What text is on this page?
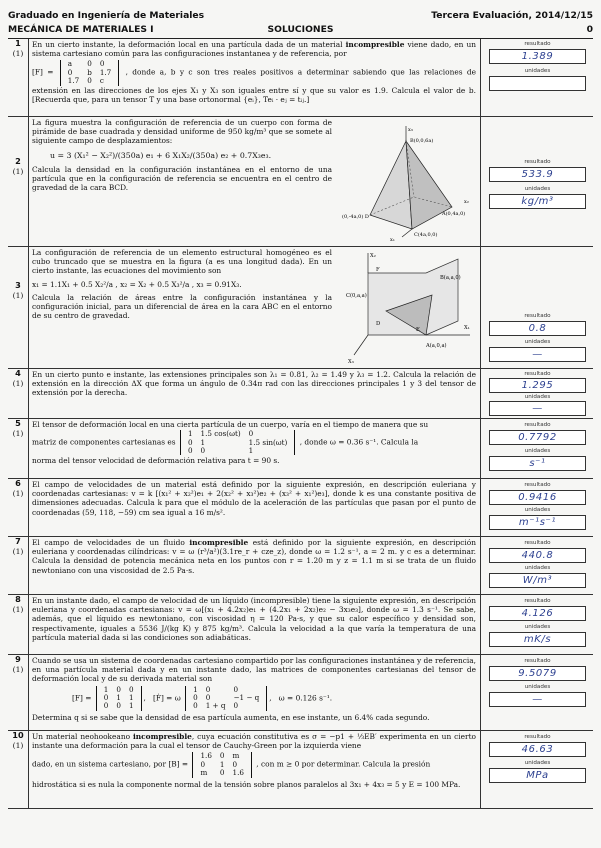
Graduado en Ingeniería de Materiales	Tercera Evaluación, 2014/12/15
MECÁNICA DE MATERIALES I	SOLUCIONES	0
1
(1)
En un cierto instante, la deformación local en una partícula dada de un material incompresible viene dado, en un sistema cartesiano común para las configuraciones instantanea y de referencia, por

[F] =
a	0	0
0	b	1.7
1.7	0	c
, donde a, b y c son tres reales positivos a determinar sabiendo que las relaciones de extensión en las direcciones de los ejes X₁ y X₃ son iguales entre sí y que su valor es 1.9. Calcula el valor de b. [Recuerda que, para un tensor T y una base ortonormal {eᵢ}, Teᵢ · eⱼ = tᵢⱼ.]
resultado
1.389
unidades
2
(1)
La figura muestra la configuración de referencia de un cuerpo con forma de pirámide de base cuadrada y densidad uniforme de 950 kg/m³ que se somete al siguiente campo de desplazamientos:
u = 3 (X₁² − X₂²)/(350a) e₁ + 6 X₁X₂/(350a) e₂ + 0.7X₃e₃.
Calcula la densidad en la configuración instantánea en el entorno de una partícula que en la configuración de referencia se encuentra en el centro de gravedad de la cara BCD.
x₃
B(0,0,6a)
(0,-4a,0) D	A(0,4a,0)
C(4a,0,0)
x₂
x₁
resultado
533.9
unidades
kg/m³
3
(1)
La configuración de referencia de un elemento estructural homogéneo es el cubo truncado que se muestra en la figura (a es una longitud dada). En un cierto instante, las ecuaciones del movimiento son
x₁ = 1.1X₁ + 0.5 X₂²/a , x₂ = X₂ + 0.5 X₃²/a , x₃ = 0.91X₃.
Calcula la relación de áreas entre la configuración instantánea y la configuración inicial, para un diferencial de área en la cara ABC en el entorno de su centro de gravedad.
X₂
F
B(a,a,0)
C(0,a,a)
D
E	X₁
A(a,0,a)
X₃
resultado
0.8
unidades
—
4
(1)
En un cierto punto e instante, las extensiones principales son λ₁ = 0.81, λ₂ = 1.49 y λ₃ = 1.2. Calcula la relación de extensión en la dirección ΔX que forma un ángulo de 0.34π rad con las direcciones principales 1 y 3 del tensor de extensión por la derecha.
resultado
1.295
unidades
—
5
(1)
El tensor de deformación local en una cierta partícula de un cuerpo, varía en el tiempo de manera que su
matriz de componentes cartesianas es
1	1.5 cos(ωt)	0
0	1	1.5 sin(ωt)
0	0	1
, donde ω = 0.36 s⁻¹. Calcula la
norma del tensor velocidad de deformación relativa para t = 90 s.
resultado
0.7792
unidades
s⁻¹
6
(1)
El campo de velocidades de un material está definido por la siguiente expresión, en descripción euleriana y coordenadas cartesianas: v = k [(x₁² + x₂²)e₁ + 2(x₂² + x₃²)e₂ + (x₃² + x₁²)e₃], donde k es una constante positiva de dimensiones adecuadas. Calcula k para que el módulo de la aceleración de las partículas que pasan por el punto de coordenadas (59, 118, −59) cm sea igual a 16 m/s².
resultado
0.9416
unidades
m⁻¹s⁻¹
7
(1)
El campo de velocidades de un fluido incompresible está definido por la siguiente expresión, en descripción euleriana y coordenadas cilíndricas: v = ω (r³/a²)(3.1re_r + cze_z), donde ω = 1.2 s⁻¹, a = 2 m. y c es a determinar. Calcula la densidad de potencia mecánica neta en los puntos con r = 1.20 m y z = 1.1 m si se trata de un fluido newtoniano con una viscosidad de 2.5 Pa·s.
resultado
440.8
unidades
W/m³
8
(1)
En un instante dado, el campo de velocidad de un líquido (incompresible) tiene la siguiente expresión, en descripción euleriana y coordenadas cartesianas: v = ω[(x₁ + 4.2x₂)e₁ + (4.2x₁ + 2x₂)e₂ − 3x₃e₃], donde ω = 1.3 s⁻¹. Se sabe, además, que el líquido es newtoniano, con viscosidad η = 120 Pa·s, y que su calor específico y densidad son, respectivamente, iguales a 5536 J/(kg K) y 875 kg/m³. Calcula la velocidad a la que varía la temperatura de una partícula material dada si las condiciones son adiabáticas.
resultado
4.126
unidades
mK/s
9
(1)
Cuando se usa un sistema de coordenadas cartesiano compartido por las configuraciones instantánea y de referencia, en una partícula material dada y en un instante dado, las matrices de componentes cartesianas del tensor de deformación local y de su derivada material son
[F] =
1	0	0
0	1	1
0	0	1
,   [Ḟ] = ω
1	0	0
0	0	−1 − q
0	1 + q	0
,   ω = 0.126 s⁻¹.
Determina q si se sabe que la densidad de esa partícula aumenta, en ese instante, un 6.4% cada segundo.
resultado
9.5079
unidades
—
10
(1)
Un material neohookeano incompresible, cuya ecuación constitutiva es σ = −p1 + ⅓EB′ experimenta en un cierto instante una deformación para la cual el tensor de Cauchy-Green por la izquierda viene
dado, en un sistema cartesiano, por [B] =
1.6	0	m
0	1	0
m	0	1.6
, con m ≥ 0 por determinar. Calcula la presión
hidrostática si es nula la componente normal de la tensión sobre planos paralelos al 3x₁ + 4x₃ = 5 y E = 100 MPa.
resultado
46.63
unidades
MPa
